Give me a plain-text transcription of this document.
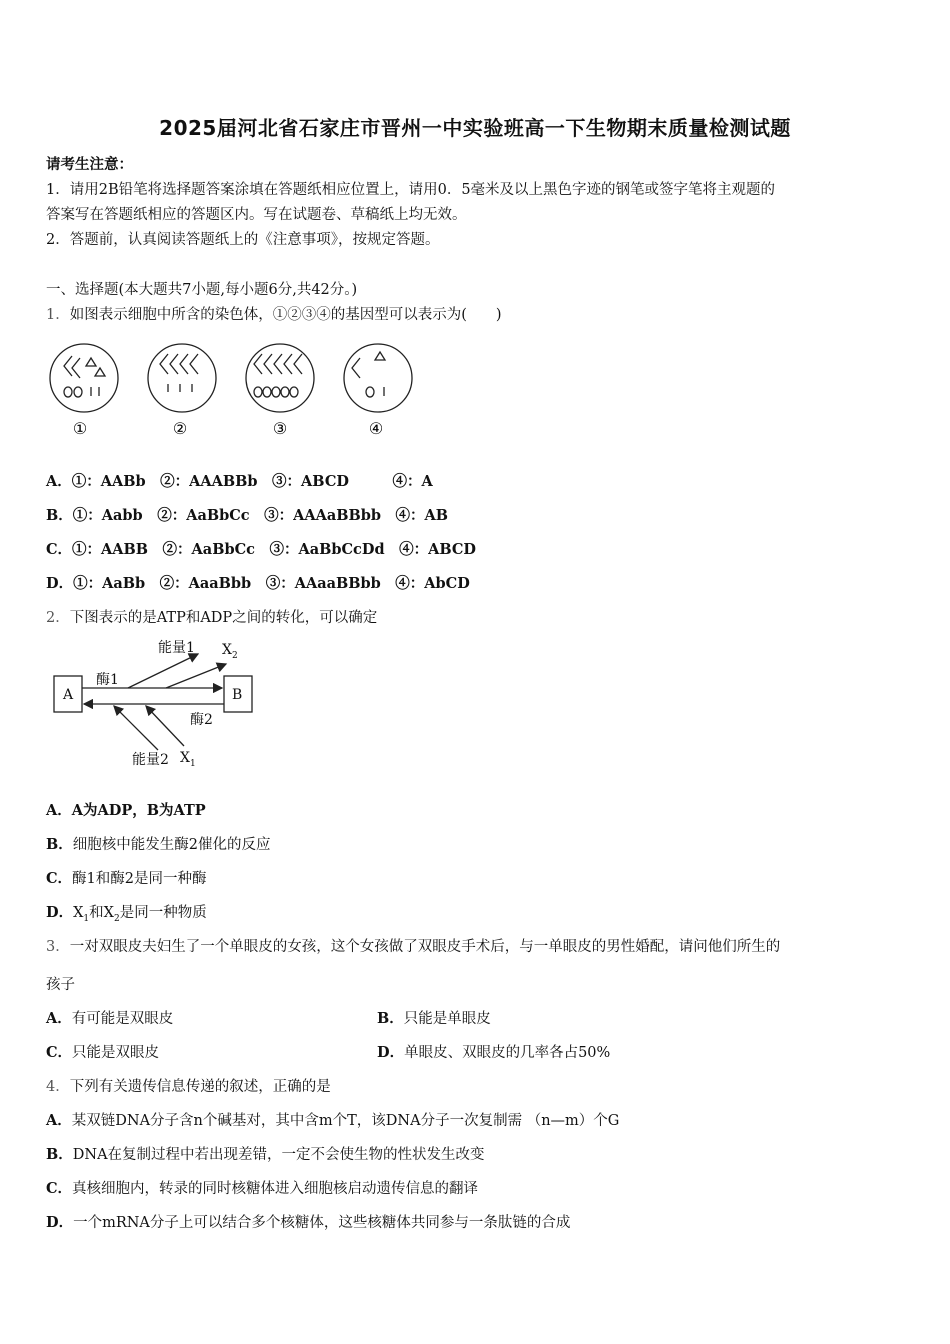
2025届河北省石家庄市晋州一中实验班高一下生物期末质量检测试题
请考生注意：
1．请用2B铅笔将选择题答案涂填在答题纸相应位置上，请用0．5毫米及以上黑色字迹的钢笔或签字笔将主观题的
答案写在答题纸相应的答题区内。写在试题卷、草稿纸上均无效。
2．答题前，认真阅读答题纸上的《注意事项》，按规定答题。
一、选择题(本大题共7小题,每小题6分,共42分。)
1．如图表示细胞中所含的染色体，①②③④的基因型可以表示为(　　)
①	②	③	④
A．①：AABb　②：AAABBb　③：ABCD　　　④：A
B．①：Aabb　②：AaBbCc　③：AAAaBBbb　④：AB
C．①：AABB　②：AaBbCc　③：AaBbCcDd　④：ABCD
D．①：AaBb　②：AaaBbb　③：AAaaBBbb　④：AbCD
2．下图表示的是ATP和ADP之间的转化，可以确定
A	B
酶1
酶2
能量1
能量2
$X_2$
$X_1$
A．A为ADP，B为ATP
B．细胞核中能发生酶2催化的反应
C．酶1和酶2是同一种酶
D．$X_1$和$X_2$是同一种物质
3．一对双眼皮夫妇生了一个单眼皮的女孩，这个女孩做了双眼皮手术后，与一单眼皮的男性婚配，请问他们所生的
孩子
A．有可能是双眼皮	B．只能是单眼皮
C．只能是双眼皮	D．单眼皮、双眼皮的几率各占50%
4．下列有关遗传信息传递的叙述，正确的是
A．某双链DNA分子含n个碱基对，其中含m个T，该DNA分子一次复制需 （n—m）个G
B．DNA在复制过程中若出现差错，一定不会使生物的性状发生改变
C．真核细胞内，转录的同时核糖体进入细胞核启动遗传信息的翻译
D．一个mRNA分子上可以结合多个核糖体，这些核糖体共同参与一条肽链的合成
